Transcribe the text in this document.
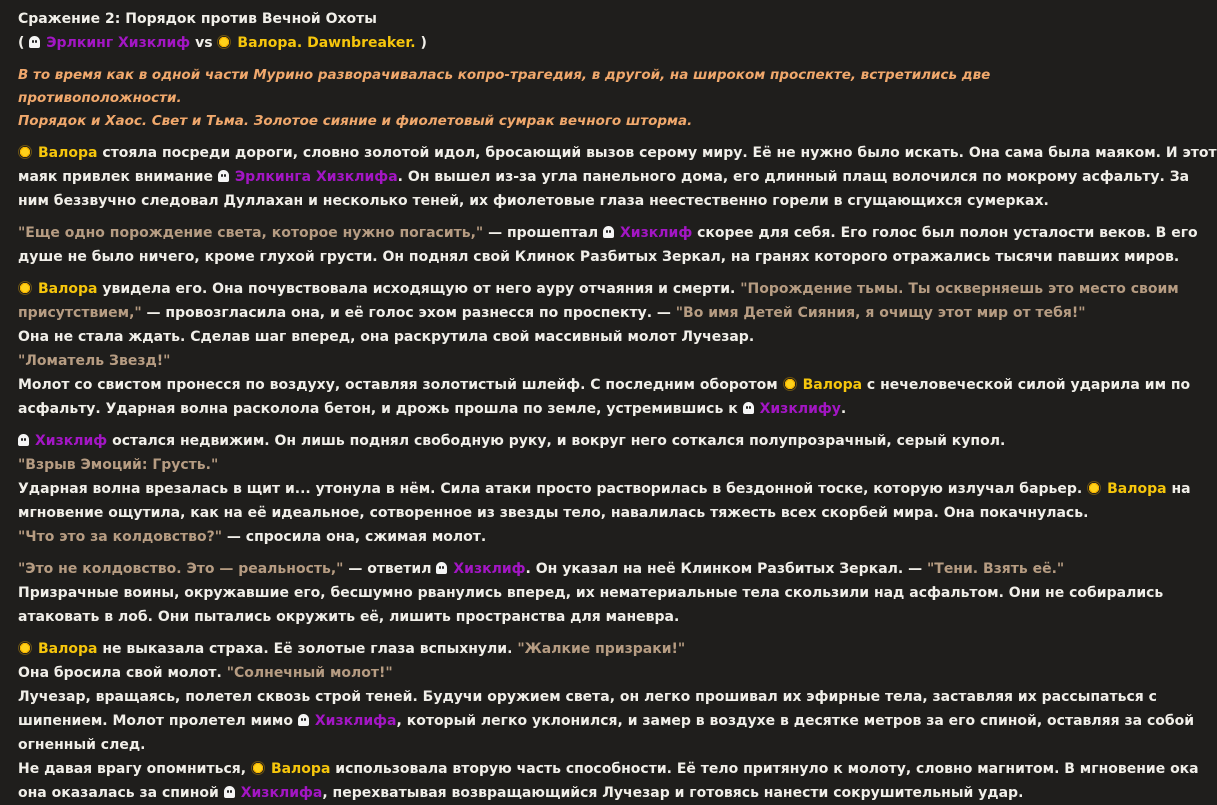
Сражение 2: Порядок против Вечной Охоты
( Эрлкинг Хизклиф vs Валора. Dawnbreaker. )
В то время как в одной части Мурино разворачивалась копро-трагедия, в другой, на широком проспекте, встретились две противоположности.
Порядок и Хаос. Свет и Тьма. Золотое сияние и фиолетовый сумрак вечного шторма.
Валора стояла посреди дороги, словно золотой идол, бросающий вызов серому миру. Её не нужно было искать. Она сама была маяком. И этот
маяк привлек внимание Эрлкинга Хизклифа. Он вышел из-за угла панельного дома, его длинный плащ волочился по мокрому асфальту. За
ним беззвучно следовал Дуллахан и несколько теней, их фиолетовые глаза неестественно горели в сгущающихся сумерках.
"Еще одно порождение света, которое нужно погасить," — прошептал Хизклиф скорее для себя. Его голос был полон усталости веков. В его
душе не было ничего, кроме глухой грусти. Он поднял свой Клинок Разбитых Зеркал, на гранях которого отражались тысячи павших миров.
Валора увидела его. Она почувствовала исходящую от него ауру отчаяния и смерти. "Порождение тьмы. Ты оскверняешь это место своим
присутствием," — провозгласила она, и её голос эхом разнесся по проспекту. — "Во имя Детей Сияния, я очищу этот мир от тебя!"
Она не стала ждать. Сделав шаг вперед, она раскрутила свой массивный молот Лучезар.
"Ломатель Звезд!"
Молот со свистом пронесся по воздуху, оставляя золотистый шлейф. С последним оборотом Валора с нечеловеческой силой ударила им по
асфальту. Ударная волна расколола бетон, и дрожь прошла по земле, устремившись к Хизклифу.
Хизклиф остался недвижим. Он лишь поднял свободную руку, и вокруг него соткался полупрозрачный, серый купол.
"Взрыв Эмоций: Грусть."
Ударная волна врезалась в щит и... утонула в нём. Сила атаки просто растворилась в бездонной тоске, которую излучал барьер. Валора на
мгновение ощутила, как на её идеальное, сотворенное из звезды тело, навалилась тяжесть всех скорбей мира. Она покачнулась.
"Что это за колдовство?" — спросила она, сжимая молот.
"Это не колдовство. Это — реальность," — ответил Хизклиф. Он указал на неё Клинком Разбитых Зеркал. — "Тени. Взять её."
Призрачные воины, окружавшие его, бесшумно рванулись вперед, их нематериальные тела скользили над асфальтом. Они не собирались
атаковать в лоб. Они пытались окружить её, лишить пространства для маневра.
Валора не выказала страха. Её золотые глаза вспыхнули. "Жалкие призраки!"
Она бросила свой молот. "Солнечный молот!"
Лучезар, вращаясь, полетел сквозь строй теней. Будучи оружием света, он легко прошивал их эфирные тела, заставляя их рассыпаться с
шипением. Молот пролетел мимо Хизклифа, который легко уклонился, и замер в воздухе в десятке метров за его спиной, оставляя за собой
огненный след.
Не давая врагу опомниться, Валора использовала вторую часть способности. Её тело притянуло к молоту, словно магнитом. В мгновение ока
она оказалась за спиной Хизклифа, перехватывая возвращающийся Лучезар и готовясь нанести сокрушительный удар.
